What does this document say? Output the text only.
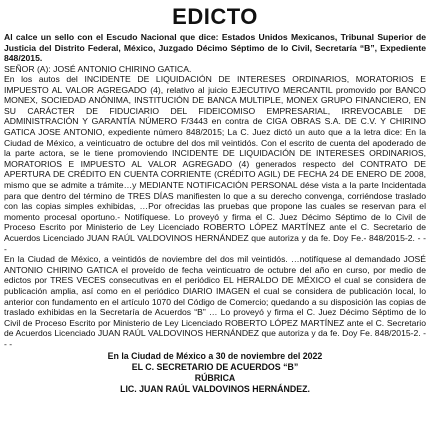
EDICTO
Al calce un sello con el Escudo Nacional que dice: Estados Unidos Mexicanos, Tribunal Superior de Justicia del Distrito Federal, México, Juzgado Décimo Séptimo de lo Civil, Secretaría “B”, Expediente 848/2015.

SEÑOR (A): JOSÉ ANTONIO CHIRINO GATICA.

En los autos del INCIDENTE DE LIQUIDACIÓN DE INTERESES ORDINARIOS, MORATORIOS E IMPUESTO AL VALOR AGREGADO (4), relativo al juicio EJECUTIVO MERCANTIL promovido por BANCO MONEX, SOCIEDAD ANÓNIMA, INSTITUCIÓN DE BANCA MULTIPLE, MONEX GRUPO FINANCIERO, EN SU CARÁCTER DE FIDUCIARIO DEL FIDEICOMISO EMPRESARIAL, IRREVOCABLE DE ADMINISTRACIÓN Y GARANTÍA NÚMERO F/3443 en contra de CIGA OBRAS S.A. DE C.V. Y CHIRINO GATICA JOSE ANTONIO, expediente número 848/2015; La C. Juez dictó un auto que a la letra dice: En la Ciudad de México, a veinticuatro de octubre del dos mil veintidós. Con el escrito de cuenta del apoderado de la parte actora, se le tiene promoviendo INCIDENTE DE LIQUIDACIÓN DE INTERESES ORDINARIOS, MORATORIOS E IMPUESTO AL VALOR AGREGADO (4) generados respecto del CONTRATO DE APERTURA DE CRÉDITO EN CUENTA CORRIENTE (CRÉDITO AGIL) DE FECHA 24 DE ENERO DE 2008, mismo que se admite a trámite…y MEDIANTE NOTIFICACIÓN PERSONAL dése vista a la parte Incidentada para que dentro del término de TRES DÍAS manifiesten lo que a su derecho convenga, corriéndose traslado con las copias simples exhibidas, …Por ofrecidas las pruebas que propone las cuales se reservan para el momento procesal oportuno.- Notifíquese. Lo proveyó y firma el C. Juez Décimo Séptimo de lo Civil de Proceso Escrito por Ministerio de Ley Licenciado ROBERTO LÓPEZ MARTÍNEZ ante el C. Secretario de Acuerdos Licenciado JUAN RAÚL VALDOVINOS HERNÁNDEZ que autoriza y da fe. Doy Fe.- 848/2015-2. - - -

En la Ciudad de México, a veintidós de noviembre del dos mil veintidós. …notifíquese al demandado JOSÉ ANTONIO CHIRINO GATICA el proveído de fecha veinticuatro de octubre del año en curso, por medio de edictos por TRES VECES consecutivas en el periódico EL HERALDO DE MÉXICO el cual se considera de publicación amplia, así como en el periódico DIARIO IMAGEN el cual se considera de publicación local, lo anterior con fundamento en el artículo 1070 del Código de Comercio; quedando a su disposición las copias de traslado exhibidas en la Secretaría de Acuerdos “B” … Lo proveyó y firma el C. Juez Décimo Séptimo de lo Civil de Proceso Escrito por Ministerio de Ley Licenciado ROBERTO LÓPEZ MARTÍNEZ ante el C. Secretario de Acuerdos Licenciado JUAN RAÚL VALDOVINOS HERNÁNDEZ que autoriza y da fe. Doy Fe. 848/2015-2. - - -

En la Ciudad de México a 30 de noviembre del 2022
EL C. SECRETARIO DE ACUERDOS “B”
RÚBRICA
LIC. JUAN RAÚL VALDOVINOS HERNÁNDEZ.
